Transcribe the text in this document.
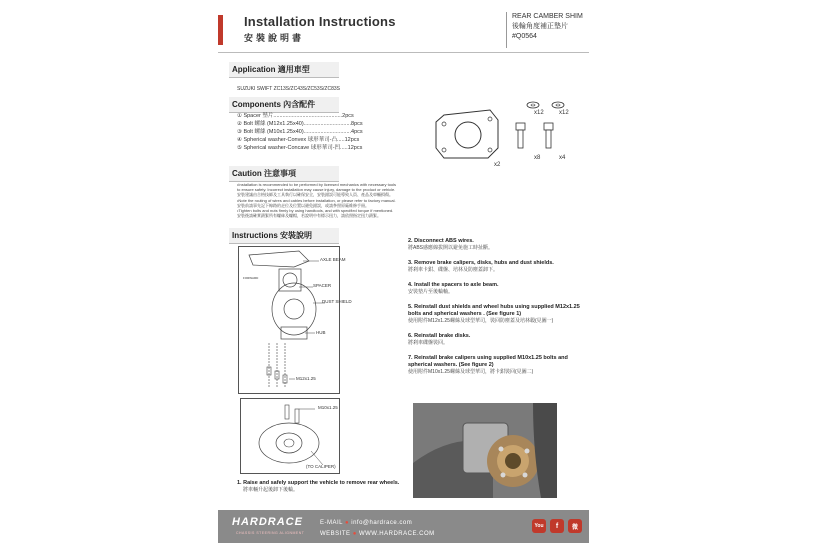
Installation Instructions
安裝說明書
REAR CAMBER SHIM
後輪角度補正墊片
#Q0564
Application 適用車型
SUZUKI SWIFT ZC13S/ZC43S/ZC53S/ZC83S
Components 內含配件
① Spacer 墊片.............................................2pcs
② Bolt 螺絲 (M12x1.25x40)...............................8pcs
③ Bolt 螺絲 (M10x1.25x40)...............................4pcs
④ Spherical washer-Convex 球形華司-凸.....12pcs
⑤ Spherical washer-Concave 球形華司-凹.....12pcs
x2
x12	x12
x8	x4
Caution 注意事項
•Installation is recommended to be performed by licensed mechanics with necessary tools
to ensure safety. Incorrect installation may cause injury, damage to the product or vehicle.
安裝建議由合格技師及工具執行以確保安全，安裝錯誤可能導致人員、產品及車輛損傷。
•Note the routing of wires and cables before installation, or please refer to factory manual.
安裝前請事先記下線路的走位及位置以避免錯誤，或請參照原廠維修手冊。
•Tighten bolts and nuts firmly by using handtools, and with specified torque if mentioned.
安裝後請確實鎖緊所有螺絲及螺帽，若說明中有標示扭力，請依照指定扭力鎖緊。
Instructions 安裝說明
AXLE BEAM
SPACER
DUST SHIELD
HUB
M12x1.25
FORWARD
M10x1.25
(TO CALIPER)
1. Raise and safely support the vehicle to remove rear wheels.
將車輛升起後卸下後輪。
2. Disconnect ABS wires.
將ABS感應線拔開以避免施工時扯斷。
3. Remove brake calipers, disks, hubs and dust shields.
將剎車卡鉗、碟盤、培林及防塵蓋卸下。
4. Install the spacers to axle beam.
安裝墊片至後輪軸。
5. Reinstall dust shields and wheel hubs using supplied M12x1.25 bolts and spherical washers . (See figure 1)
使用附件M12x1.25螺絲及球型華司，裝回防塵蓋及培林轂(見圖一)
6. Reinstall brake disks.
將剎車碟盤裝回。
7. Reinstall brake calipers using supplied M10x1.25 bolts and spherical washers. (See figure 2)
使用附件M10x1.25螺絲及球型華司，將卡鉗裝回(見圖二)
HARDRACE
CHASSIS STEERING ALIGNMENT
E-MAIL ● info@hardrace.com
WEBSITE ● WWW.HARDRACE.COM
You	f	微
